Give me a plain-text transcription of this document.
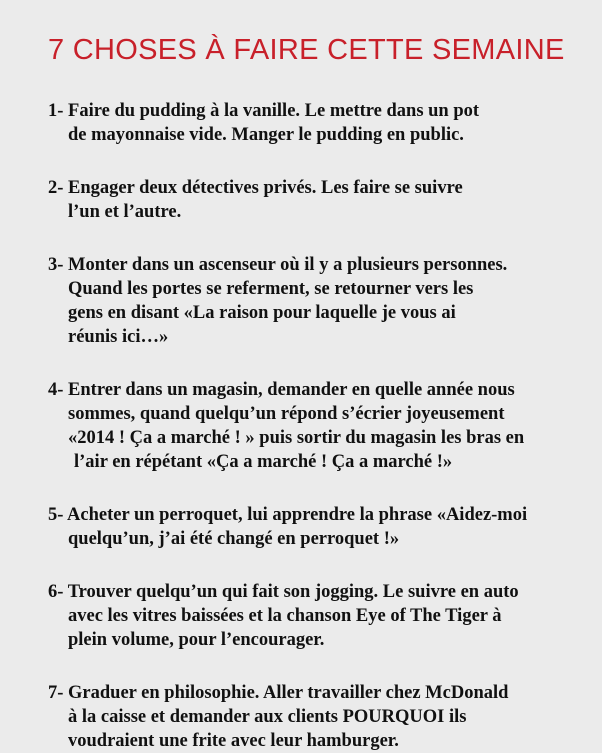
7 CHOSES À FAIRE CETTE SEMAINE
1- Faire du pudding à la vanille. Le mettre dans un pot
de mayonnaise vide. Manger le pudding en public.
2- Engager deux détectives privés. Les faire se suivre
l’un et l’autre.
3- Monter dans un ascenseur où il y a plusieurs personnes.
Quand les portes se referment, se retourner vers les
gens en disant «La raison pour laquelle je vous ai
réunis ici…»
4- Entrer dans un magasin, demander en quelle année nous
sommes, quand quelqu’un répond s’écrier joyeusement
«2014 ! Ça a marché ! » puis sortir du magasin les bras en
l’air en répétant «Ça a marché ! Ça a marché !»
5- Acheter un perroquet, lui apprendre la phrase «Aidez-moi
quelqu’un, j’ai été changé en perroquet !»
6- Trouver quelqu’un qui fait son jogging. Le suivre en auto
avec les vitres baissées et la chanson Eye of The Tiger à
plein volume, pour l’encourager.
7- Graduer en philosophie. Aller travailler chez McDonald
à la caisse et demander aux clients POURQUOI ils
voudraient une frite avec leur hamburger.
